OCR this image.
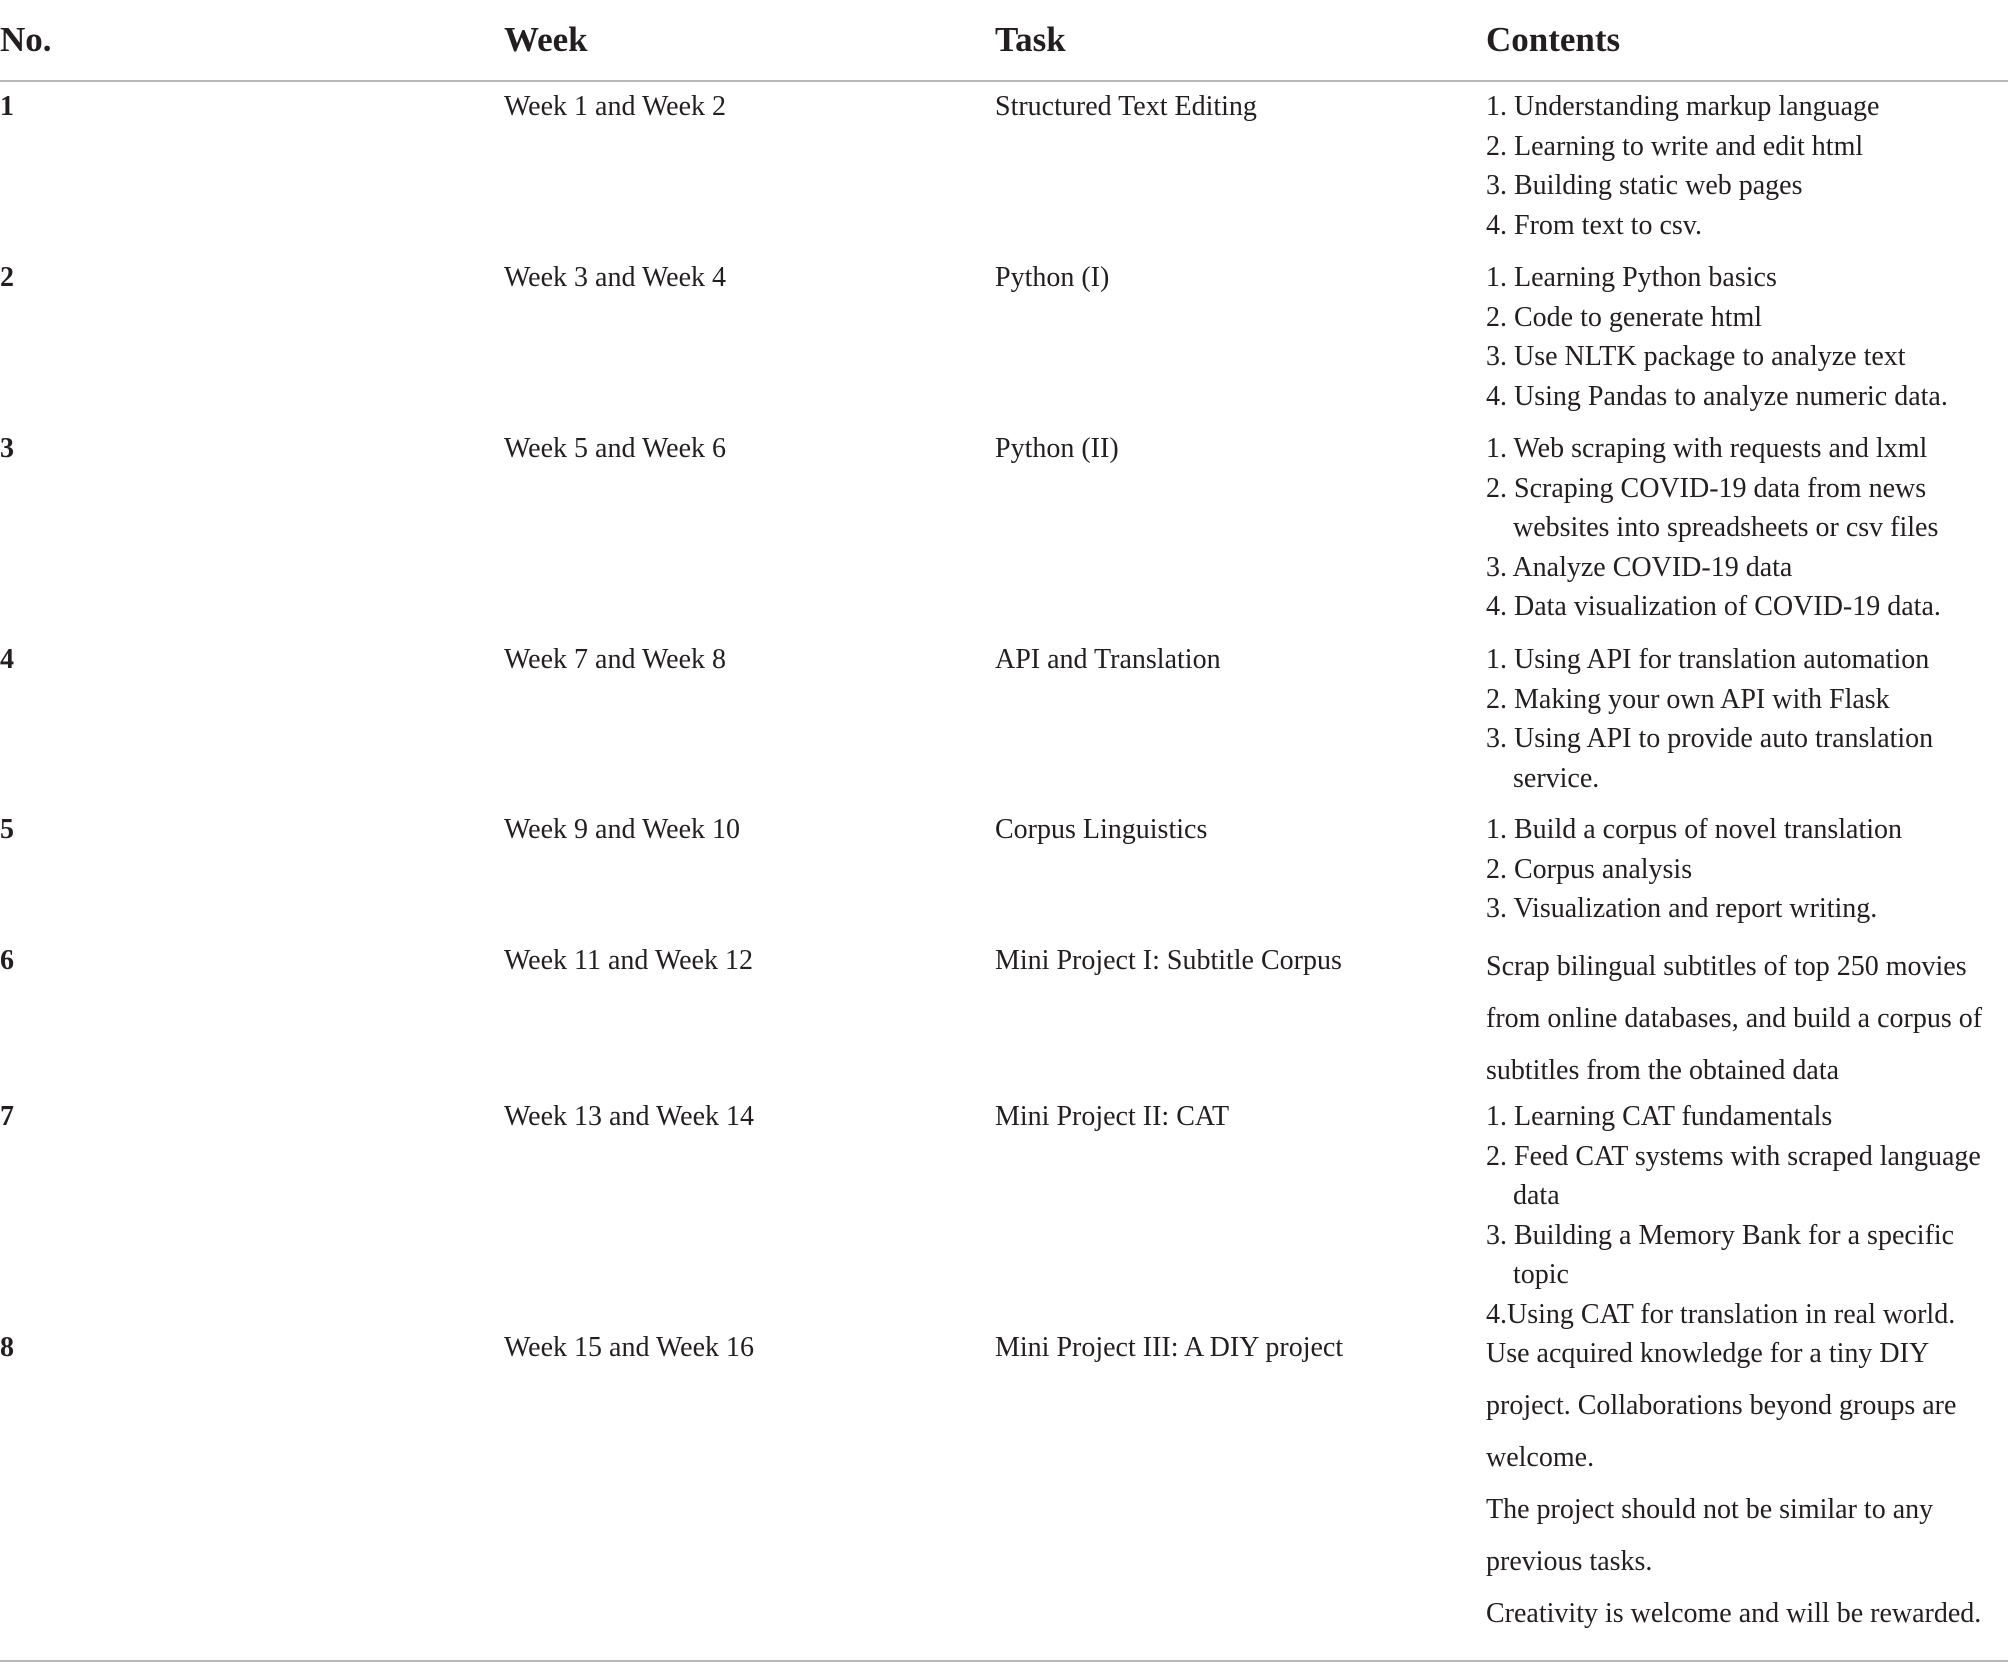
No.	Week	Task	Contents
1	Week 1 and Week 2	Structured Text Editing	1. Understanding markup language
2. Learning to write and edit html
3. Building static web pages
4. From text to csv.
2	Week 3 and Week 4	Python (I)	1. Learning Python basics
2. Code to generate html
3. Use NLTK package to analyze text
4. Using Pandas to analyze numeric data.
3	Week 5 and Week 6	Python (II)	1. Web scraping with requests and lxml
2. Scraping COVID-19 data from news
websites into spreadsheets or csv files
3. Analyze COVID-19 data
4. Data visualization of COVID-19 data.
4	Week 7 and Week 8	API and Translation	1. Using API for translation automation
2. Making your own API with Flask
3. Using API to provide auto translation
service.
5	Week 9 and Week 10	Corpus Linguistics	1. Build a corpus of novel translation
2. Corpus analysis
3. Visualization and report writing.
6	Week 11 and Week 12	Mini Project I: Subtitle Corpus	Scrap bilingual subtitles of top 250 movies
from online databases, and build a corpus of
subtitles from the obtained data
7	Week 13 and Week 14	Mini Project II: CAT	1. Learning CAT fundamentals
2. Feed CAT systems with scraped language
data
3. Building a Memory Bank for a specific
topic
4.Using CAT for translation in real world.
8	Week 15 and Week 16	Mini Project III: A DIY project	Use acquired knowledge for a tiny DIY
project. Collaborations beyond groups are
welcome.
The project should not be similar to any
previous tasks.
Creativity is welcome and will be rewarded.
